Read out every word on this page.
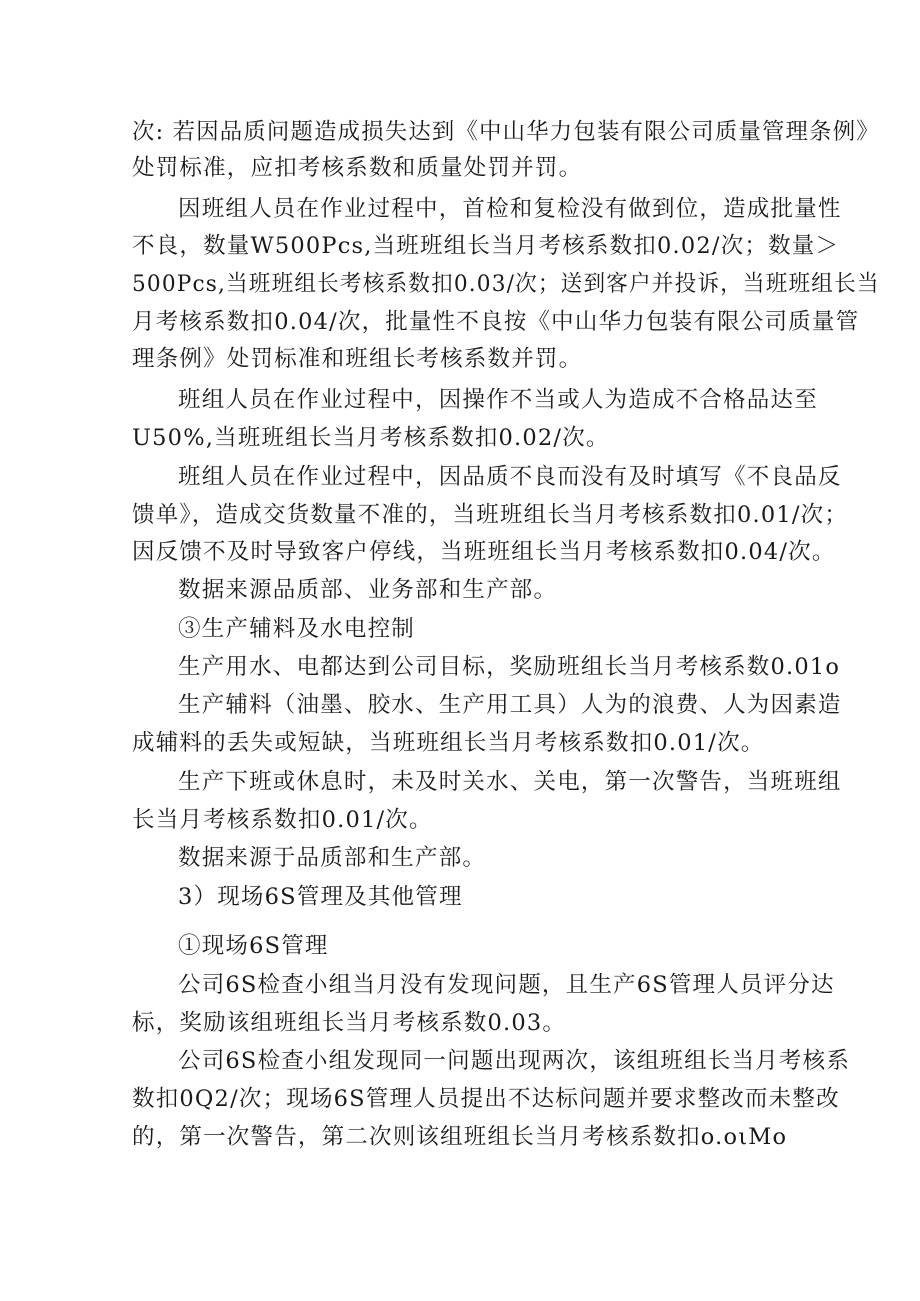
次: 若因品质问题造成损失达到《中山华力包装有限公司质量管理条例》
处罚标准，应扣考核系数和质量处罚并罚。
因班组人员在作业过程中，首检和复检没有做到位，造成批量性
不良，数量W500Pcs,当班班组长当月考核系数扣0.02/次；数量＞
500Pcs,当班班组长考核系数扣0.03/次；送到客户并投诉，当班班组长当
月考核系数扣0.04/次，批量性不良按《中山华力包装有限公司质量管
理条例》处罚标准和班组长考核系数并罚。
班组人员在作业过程中，因操作不当或人为造成不合格品达至
U50%,当班班组长当月考核系数扣0.02/次。
班组人员在作业过程中，因品质不良而没有及时填写《不良品反
馈单》，造成交货数量不准的，当班班组长当月考核系数扣0.01/次；
因反馈不及时导致客户停线，当班班组长当月考核系数扣0.04/次。
数据来源品质部、业务部和生产部。
③生产辅料及水电控制
生产用水、电都达到公司目标，奖励班组长当月考核系数0.01o
生产辅料（油墨、胶水、生产用工具）人为的浪费、人为因素造
成辅料的丢失或短缺，当班班组长当月考核系数扣0.01/次。
生产下班或休息时，未及时关水、关电，第一次警告，当班班组
长当月考核系数扣0.01/次。
数据来源于品质部和生产部。
3）现场6S管理及其他管理
①现场6S管理
公司6S检查小组当月没有发现问题，且生产6S管理人员评分达
标，奖励该组班组长当月考核系数0.03。
公司6S检查小组发现同一问题出现两次，该组班组长当月考核系
数扣0Q2/次；现场6S管理人员提出不达标问题并要求整改而未整改
的，第一次警告，第二次则该组班组长当月考核系数扣o.oιMo
